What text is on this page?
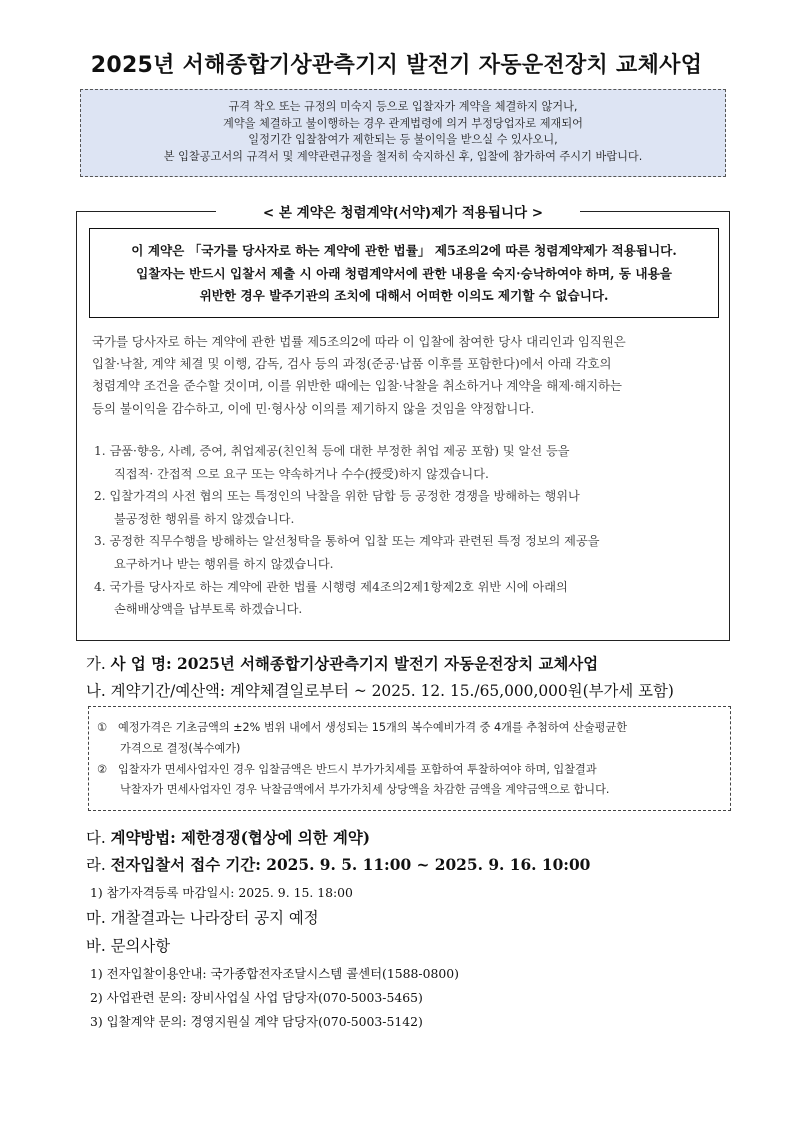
2025년 서해종합기상관측기지 발전기 자동운전장치 교체사업
규격 착오 또는 규정의 미숙지 등으로 입찰자가 계약을 체결하지 않거나,
계약을 체결하고 불이행하는 경우 관계법령에 의거 부정당업자로 제재되어
일정기간 입찰참여가 제한되는 등 불이익을 받으실 수 있사오니,
본 입찰공고서의 규격서 및 계약관련규정을 철저히 숙지하신 후, 입찰에 참가하여 주시기 바랍니다.
< 본 계약은 청렴계약(서약)제가 적용됩니다 >
이 계약은 「국가를 당사자로 하는 계약에 관한 법률」 제5조의2에 따른 청렴계약제가 적용됩니다.
입찰자는 반드시 입찰서 제출 시 아래 청렴계약서에 관한 내용을 숙지·승낙하여야 하며, 동 내용을
위반한 경우 발주기관의 조치에 대해서 어떠한 이의도 제기할 수 없습니다.
국가를 당사자로 하는 계약에 관한 법률 제5조의2에 따라 이 입찰에 참여한 당사 대리인과 임직원은
입찰·낙찰, 계약 체결 및 이행, 감독, 검사 등의 과정(준공·납품 이후를 포함한다)에서 아래 각호의
청렴계약 조건을 준수할 것이며, 이를 위반한 때에는 입찰·낙찰을 취소하거나 계약을 해제·해지하는
등의 불이익을 감수하고, 이에 민·형사상 이의를 제기하지 않을 것임을 약정합니다.
1. 금품·향응, 사례, 증여, 취업제공(친인척 등에 대한 부정한 취업 제공 포함) 및 알선 등을
직접적· 간접적 으로 요구 또는 약속하거나 수수(授受)하지 않겠습니다.
2. 입찰가격의 사전 협의 또는 특정인의 낙찰을 위한 담합 등 공정한 경쟁을 방해하는 행위나
불공정한 행위를 하지 않겠습니다.
3. 공정한 직무수행을 방해하는 알선청탁을 통하여 입찰 또는 계약과 관련된 특정 정보의 제공을
요구하거나 받는 행위를 하지 않겠습니다.
4. 국가를 당사자로 하는 계약에 관한 법률 시행령 제4조의2제1항제2호 위반 시에 아래의
손해배상액을 납부토록 하겠습니다.
가. 사 업 명: 2025년 서해종합기상관측기지 발전기 자동운전장치 교체사업
나. 계약기간/예산액: 계약체결일로부터 ~ 2025. 12. 15./65,000,000원(부가세 포함)
① 예정가격은 기초금액의 ±2% 범위 내에서 생성되는 15개의 복수예비가격 중 4개를 추첨하여 산술평균한
가격으로 결정(복수예가)
② 입찰자가 면세사업자인 경우 입찰금액은 반드시 부가가치세를 포함하여 투찰하여야 하며, 입찰결과
낙찰자가 면세사업자인 경우 낙찰금액에서 부가가치세 상당액을 차감한 금액을 계약금액으로 합니다.
다. 계약방법: 제한경쟁(협상에 의한 계약)
라. 전자입찰서 접수 기간: 2025. 9. 5. 11:00 ~ 2025. 9. 16. 10:00
1) 참가자격등록 마감일시: 2025. 9. 15. 18:00
마. 개찰결과는 나라장터 공지 예정
바. 문의사항
1) 전자입찰이용안내: 국가종합전자조달시스템 콜센터(1588-0800)
2) 사업관련 문의: 장비사업실 사업 담당자(070-5003-5465)
3) 입찰계약 문의: 경영지원실 계약 담당자(070-5003-5142)
